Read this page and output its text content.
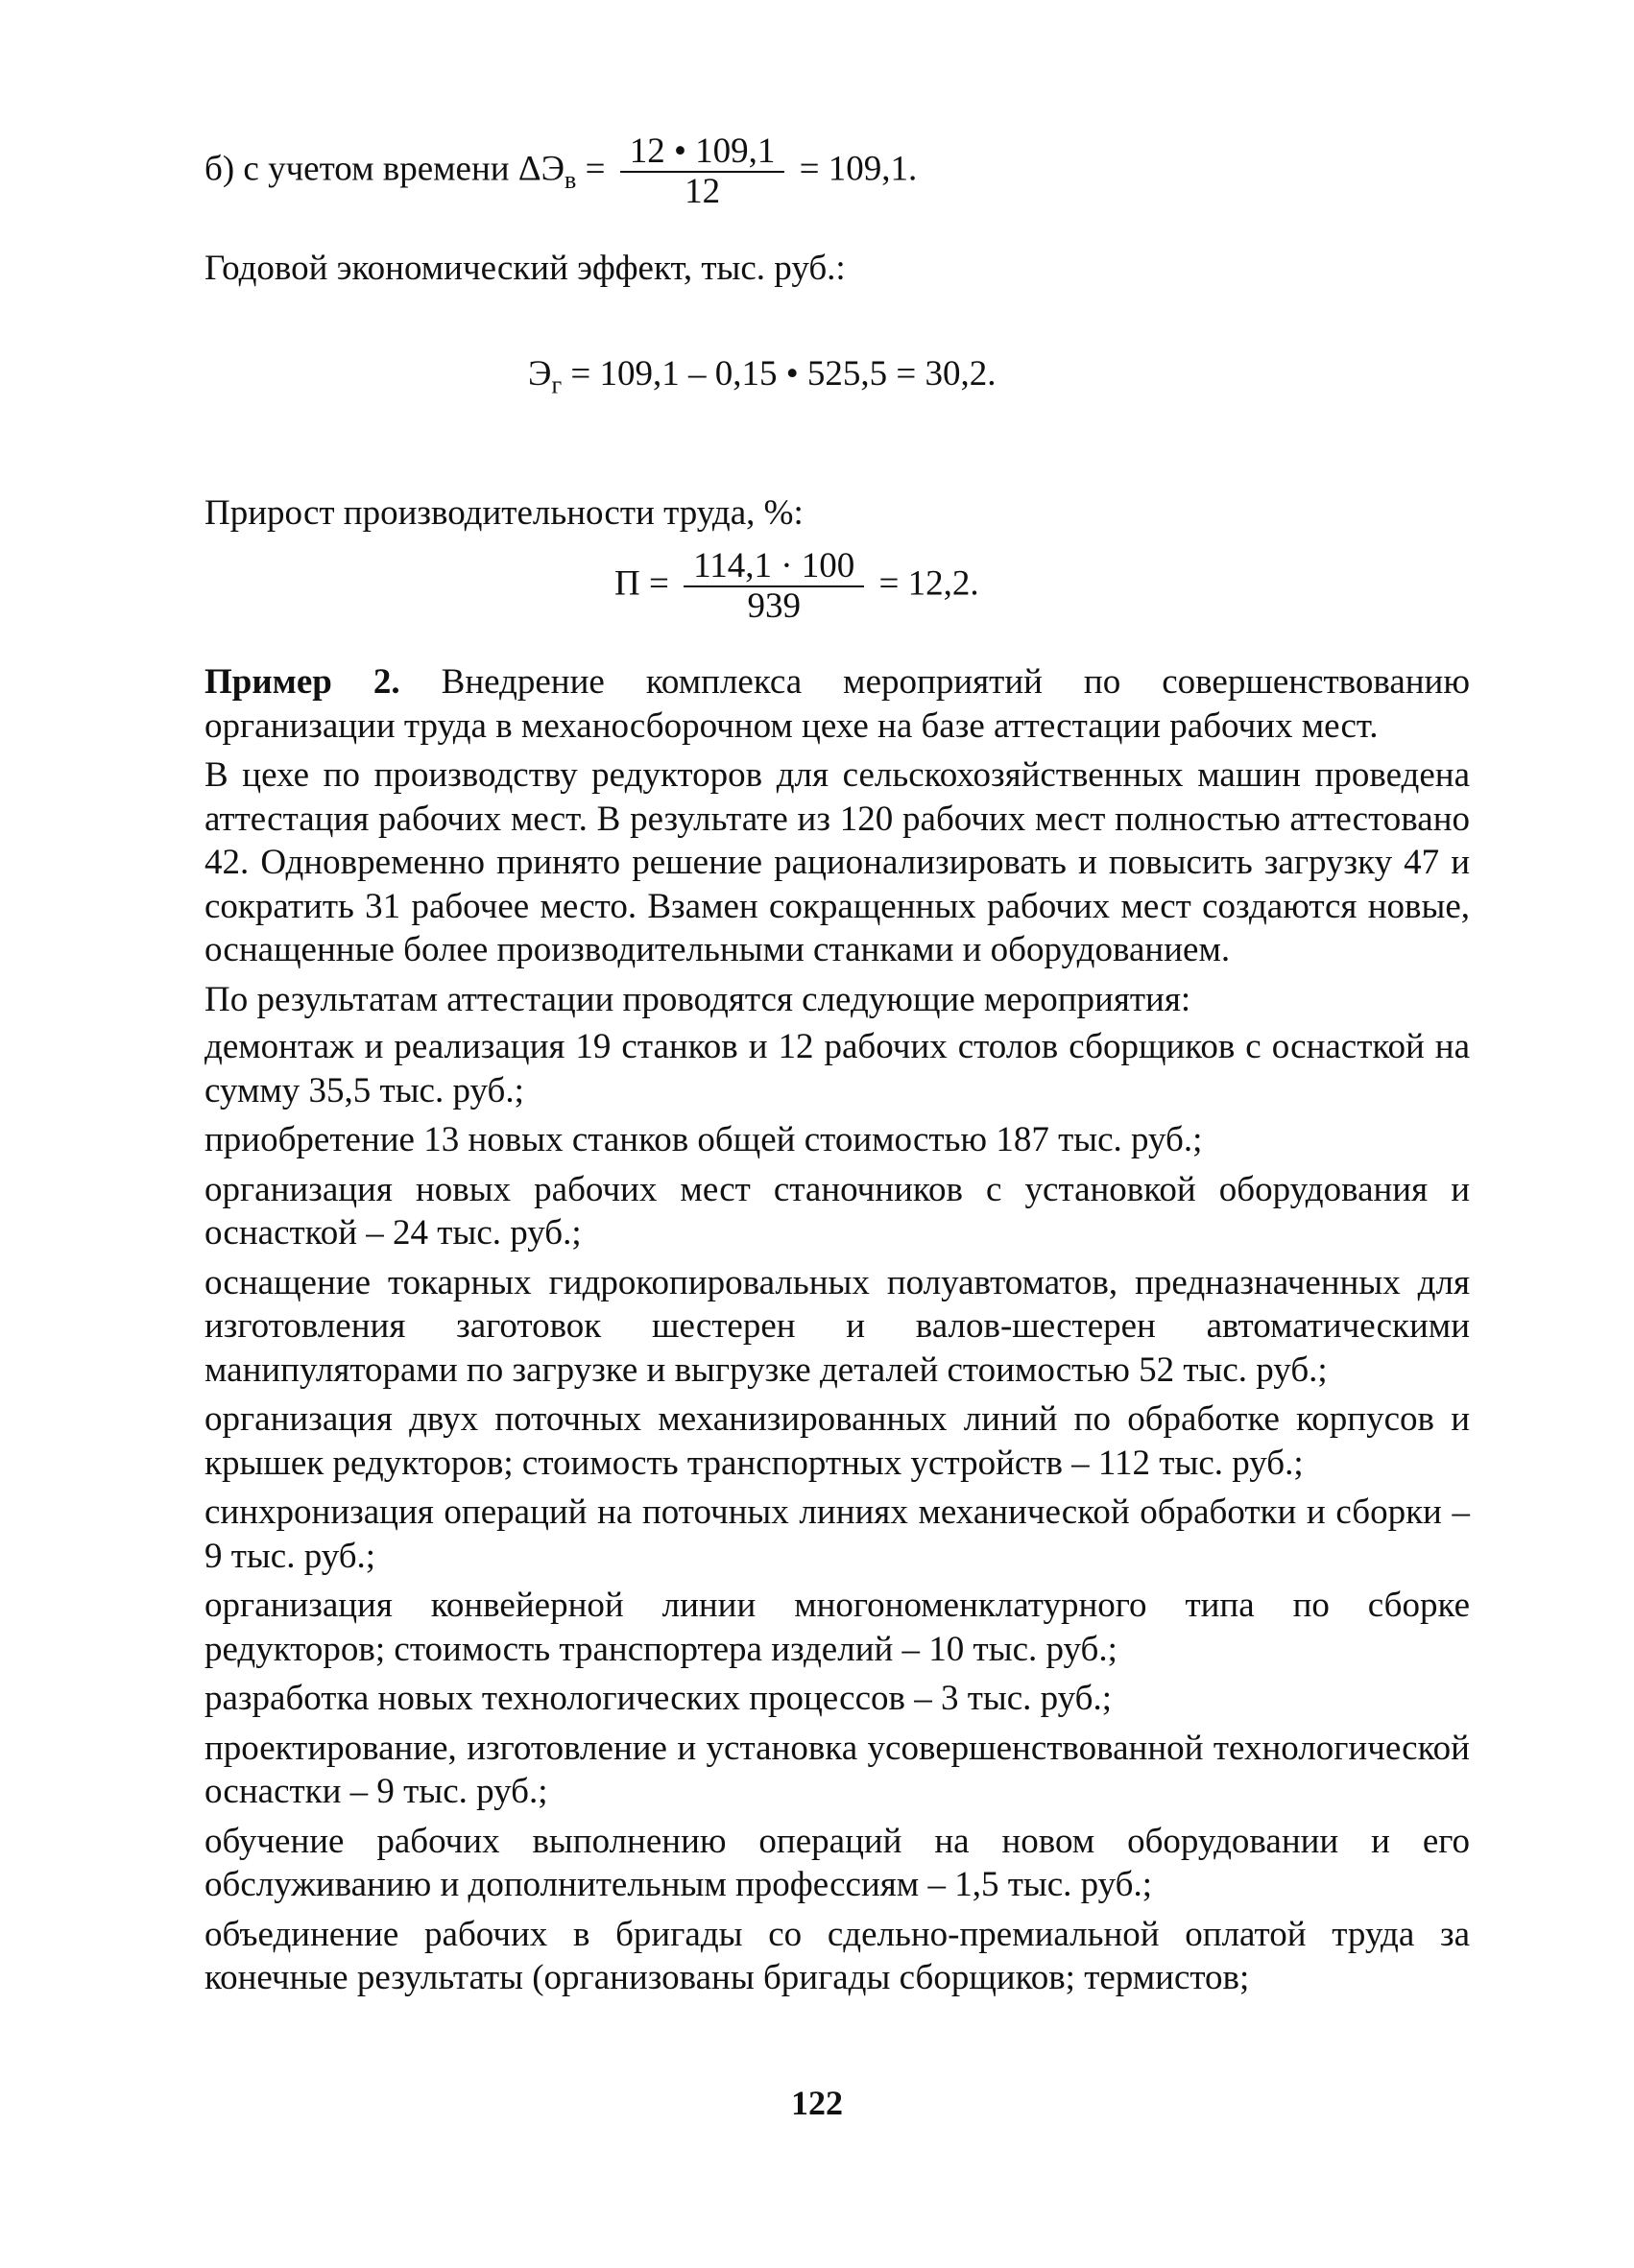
б) с учетом времени $\Delta Э_в = \frac{12 • 109,1}{12} = 109,1$.
Годовой экономический эффект, тыс. руб.:
$Э_г = 109,1 - 0,15$ • 525,5 = 30,2.
Прирост производительности труда, %:
$П = \frac{114,1 \cdot 100}{939} = 12,2$.

Пример 2. Внедрение комплекса мероприятий по совершенствованию организации труда в механосборочном цехе на базе аттестации рабочих мест.

В цехе по производству редукторов для сельскохозяйственных машин проведена аттестация рабочих мест. В результате из 120 рабочих мест полностью аттестовано 42. Одновременно принято решение рационализировать и повысить загрузку 47 и сократить 31 рабочее место. Взамен сокращенных рабочих мест создаются новые, оснащенные более производительными станками и оборудованием.

По результатам аттестации проводятся следующие мероприятия:

демонтаж и реализация 19 станков и 12 рабочих столов сборщиков с оснасткой на сумму 35,5 тыс. руб.;

приобретение 13 новых станков общей стоимостью 187 тыс. руб.;

организация новых рабочих мест станочников с установкой оборудования и оснасткой – 24 тыс. руб.;

оснащение токарных гидрокопировальных полуавтоматов, предназначенных для изготовления заготовок шестерен и валов-шестерен автоматическими манипуляторами по загрузке и выгрузке деталей стоимостью 52 тыс. руб.;

организация двух поточных механизированных линий по обработке корпусов и крышек редукторов; стоимость транспортных устройств – 112 тыс. руб.;

синхронизация операций на поточных линиях механической обработки и сборки – 9 тыс. руб.;

организация конвейерной линии многономенклатурного типа по сборке редукторов; стоимость транспортера изделий – 10 тыс. руб.;

разработка новых технологических процессов – 3 тыс. руб.;

проектирование, изготовление и установка усовершенствованной технологической оснастки – 9 тыс. руб.;

обучение рабочих выполнению операций на новом оборудовании и его обслуживанию и дополнительным профессиям – 1,5 тыс. руб.;

объединение рабочих в бригады со сдельно-премиальной оплатой труда за конечные результаты (организованы бригады сборщиков; термистов;

122
